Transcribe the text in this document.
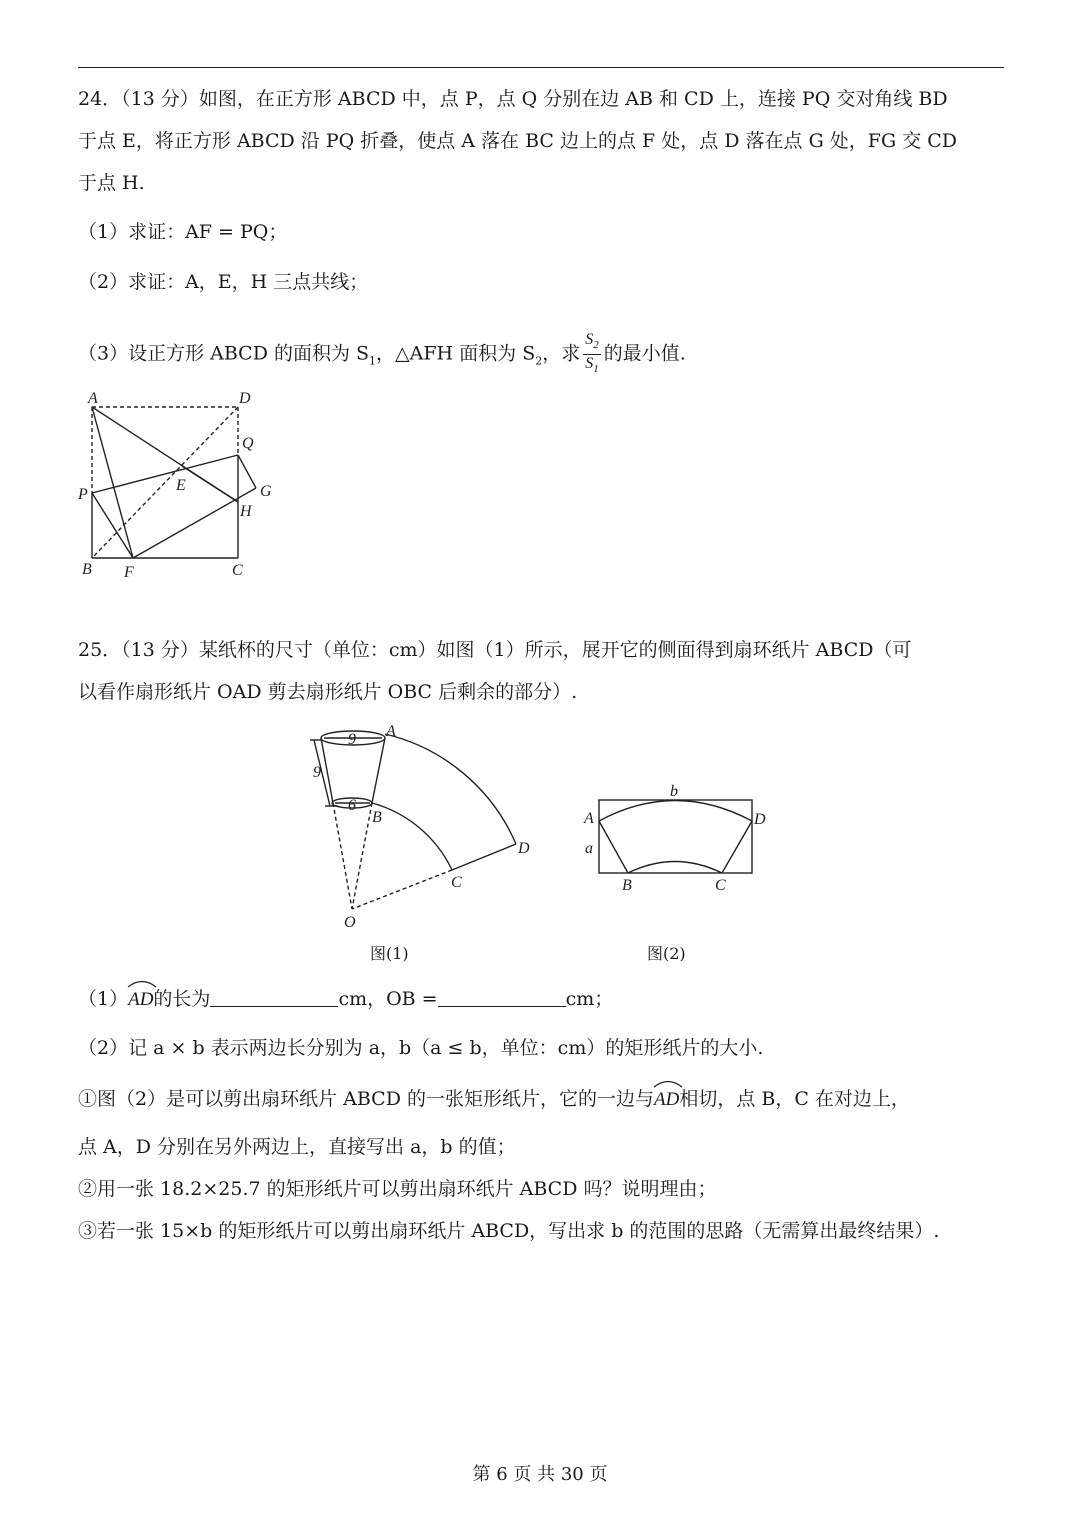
24．（13 分）如图，在正方形 ABCD 中，点 P，点 Q 分别在边 AB 和 CD 上，连接 PQ 交对角线 BD
于点 E，将正方形 ABCD 沿 PQ 折叠，使点 A 落在 BC 边上的点 F 处，点 D 落在点 G 处，FG 交 CD
于点 H.
（1）求证：AF = PQ；
（2）求证：A，E，H 三点共线；
（3）设正方形 ABCD 的面积为 $S_1$，△AFH 面积为 $S_2$，求 $\frac{S_2}{S_1}$ 的最小值.
A	D
Q
E
P	G
H
B F	C
25．（13 分）某纸杯的尺寸（单位：cm）如图（1）所示，展开它的侧面得到扇环纸片 ABCD（可
以看作扇形纸片 OAD 剪去扇形纸片 OBC 后剩余的部分）.
9
9
6
A
B
C
D
O
b
A	D
a
B	C
图(1)	图(2)
（1）
AD的长为	cm，OB =	cm；
（2）记 a × b 表示两边长分别为 a，b（a ≤ b，单位：cm）的矩形纸片的大小.
①图（2）是可以剪出扇环纸片 ABCD 的一张矩形纸片，它的一边与
AD相切，点 B，C 在对边上，
点 A，D 分别在另外两边上，直接写出 a，b 的值；
②用一张 18.2×25.7 的矩形纸片可以剪出扇环纸片 ABCD 吗？说明理由；
③若一张 15×b 的矩形纸片可以剪出扇环纸片 ABCD，写出求 b 的范围的思路（无需算出最终结果）.
第 6 页 共 30 页
